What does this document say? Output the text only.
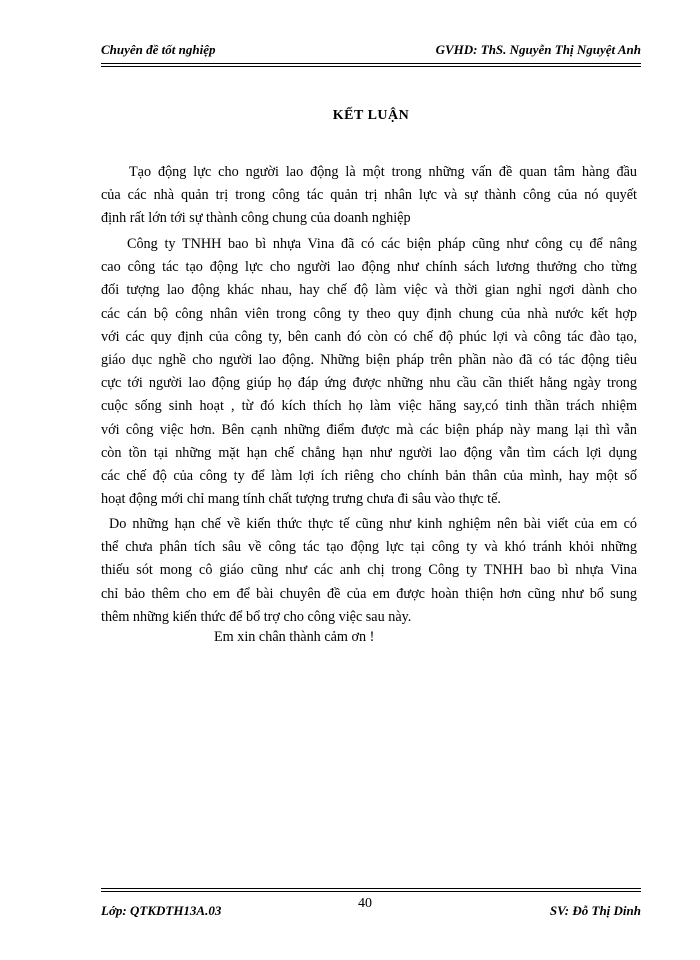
Chuyên đề tốt nghiệp	GVHD: ThS. Nguyễn Thị Nguyệt Anh
KẾT LUẬN
Tạo động lực cho người lao động là một trong những vấn đề quan tâm hàng đầu
của các nhà quản trị trong công tác quản trị nhân lực và sự thành công của nó quyết
định rất lớn tới sự thành công chung của doanh nghiệp
Công ty TNHH bao bì nhựa Vina đã có các biện pháp cũng như công cụ để nâng
cao công tác tạo động lực cho người lao động như chính sách lương thưởng cho từng
đối tượng lao động khác nhau, hay chế độ làm việc và thời gian nghỉ ngơi dành cho
các cán bộ công nhân viên trong công ty theo quy định chung của nhà nước kết hợp
với các quy định của công ty, bên canh đó còn có chế độ phúc lợi và công tác đào tạo,
giáo dục nghề cho người lao động. Những biện pháp trên phần nào đã có tác động tiêu
cực tới người lao động giúp họ đáp ứng được những nhu cầu cần thiết hằng ngày trong
cuộc sống sinh hoạt , từ đó kích thích họ làm việc hăng say,có tinh thần trách nhiệm
với công việc hơn. Bên cạnh những điểm được mà các biện pháp này mang lại thì vẫn
còn tồn tại những mặt hạn chế chẳng hạn như người lao động vẫn tìm cách lợi dụng
các chế độ của công ty để làm lợi ích riêng cho chính bản thân của mình, hay một số
hoạt động mới chỉ mang tính chất tượng trưng chưa đi sâu vào thực tế.
Do những hạn chế về kiến thức thực tế cũng như kinh nghiệm nên bài viết của em có
thể chưa phân tích sâu về công tác tạo động lực tại công ty và khó tránh khỏi những
thiếu sót mong cô giáo cũng như các anh chị trong Công ty TNHH bao bì nhựa Vina
chỉ bảo thêm cho em để bài chuyên đề của em được hoàn thiện hơn cũng như bổ sung
thêm những kiến thức để bổ trợ cho công việc sau này.
Em xin chân thành cảm ơn !
Lớp: QTKDTH13A.03	40	SV: Đỗ Thị Dinh
